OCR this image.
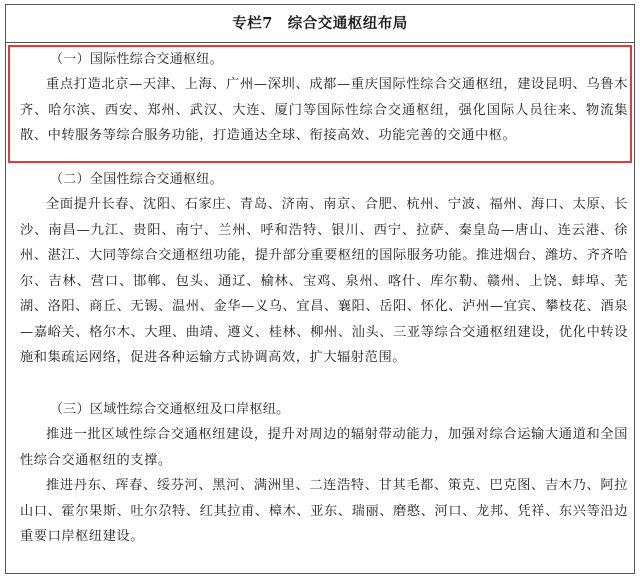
专栏7　综合交通枢纽布局
（一）国际性综合交通枢纽。
重点打造北京—天津、上海、广州—深圳、成都—重庆国际性综合交通枢纽，建设昆明、乌鲁木齐、哈尔滨、西安、郑州、武汉、大连、厦门等国际性综合交通枢纽，强化国际人员往来、物流集散、中转服务等综合服务功能，打造通达全球、衔接高效、功能完善的交通中枢。
（二）全国性综合交通枢纽。
全面提升长春、沈阳、石家庄、青岛、济南、南京、合肥、杭州、宁波、福州、海口、太原、长沙、南昌—九江、贵阳、南宁、兰州、呼和浩特、银川、西宁、拉萨、秦皇岛—唐山、连云港、徐州、湛江、大同等综合交通枢纽功能，提升部分重要枢纽的国际服务功能。推进烟台、潍坊、齐齐哈尔、吉林、营口、邯郸、包头、通辽、榆林、宝鸡、泉州、喀什、库尔勒、赣州、上饶、蚌埠、芜湖、洛阳、商丘、无锡、温州、金华—义乌、宜昌、襄阳、岳阳、怀化、泸州—宜宾、攀枝花、酒泉—嘉峪关、格尔木、大理、曲靖、遵义、桂林、柳州、汕头、三亚等综合交通枢纽建设，优化中转设施和集疏运网络，促进各种运输方式协调高效，扩大辐射范围。
（三）区域性综合交通枢纽及口岸枢纽。
推进一批区域性综合交通枢纽建设，提升对周边的辐射带动能力，加强对综合运输大通道和全国性综合交通枢纽的支撑。
推进丹东、珲春、绥芬河、黑河、满洲里、二连浩特、甘其毛都、策克、巴克图、吉木乃、阿拉山口、霍尔果斯、吐尔尕特、红其拉甫、樟木、亚东、瑞丽、磨憨、河口、龙邦、凭祥、东兴等沿边重要口岸枢纽建设。
